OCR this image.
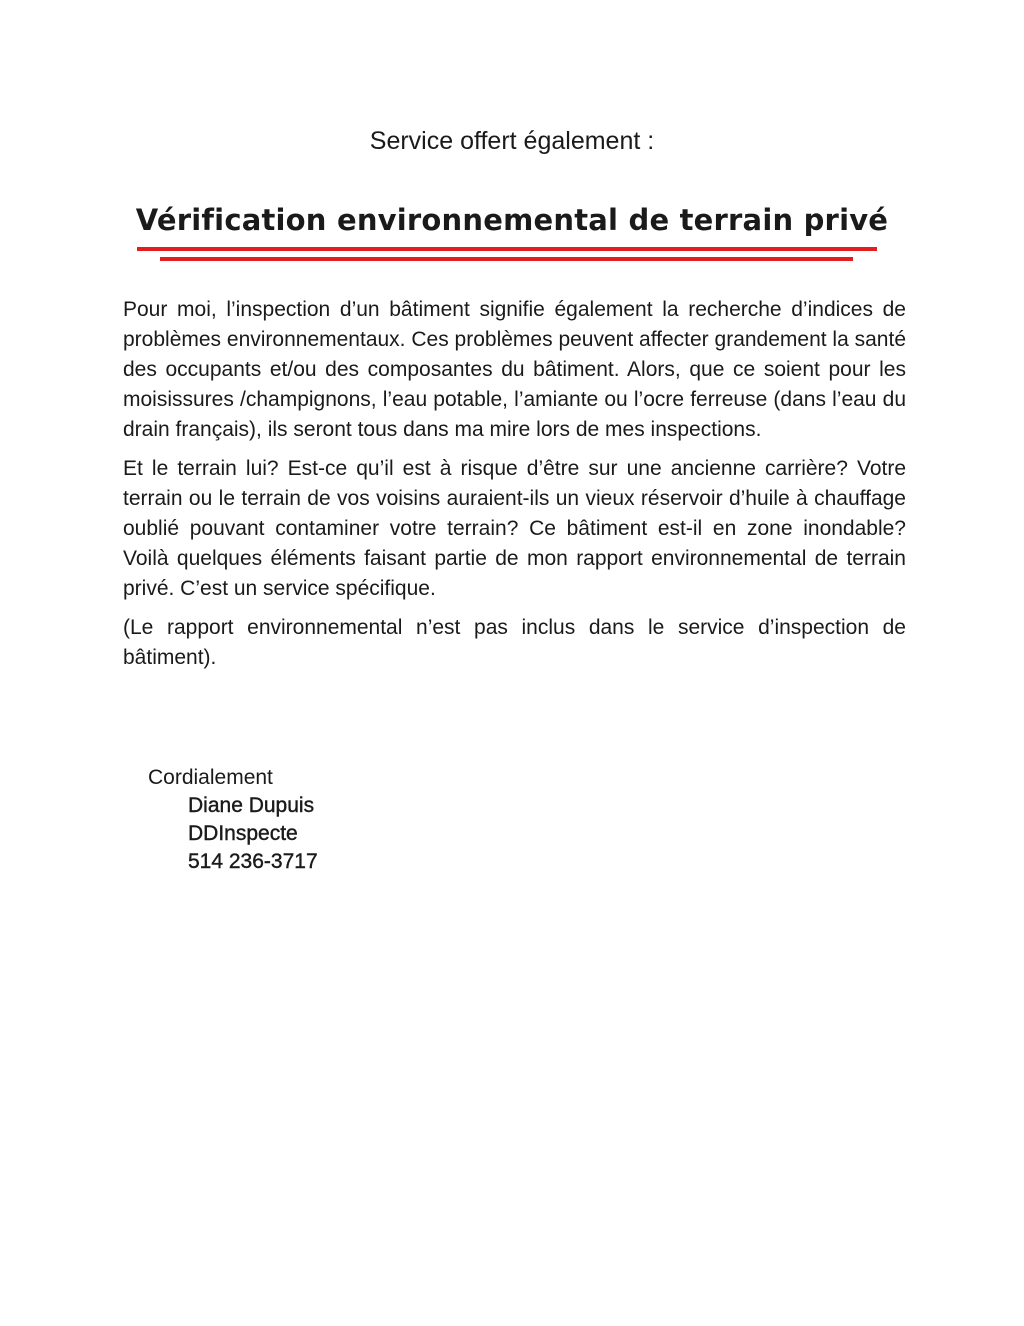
Service offert également :
Vérification environnemental de terrain privé

Pour moi, l’inspection d’un bâtiment signifie également la recherche d’indices de problèmes environnementaux. Ces problèmes peuvent affecter grandement la santé des occupants et/ou des composantes du bâtiment. Alors, que ce soient pour les moisissures /champignons, l’eau potable, l’amiante ou l’ocre ferreuse (dans l’eau du drain français), ils seront tous dans ma mire lors de mes inspections.

Et le terrain lui? Est-ce qu’il est à risque d’être sur une ancienne carrière? Votre terrain ou le terrain de vos voisins auraient-ils un vieux réservoir d’huile à chauffage oublié pouvant contaminer votre terrain? Ce bâtiment est-il en zone inondable? Voilà quelques éléments faisant partie de mon rapport environnemental de terrain privé. C’est un service spécifique.

(Le rapport environnemental n’est pas inclus dans le service d’inspection de bâtiment).

Cordialement
Diane Dupuis
DDInspecte
514 236-3717
